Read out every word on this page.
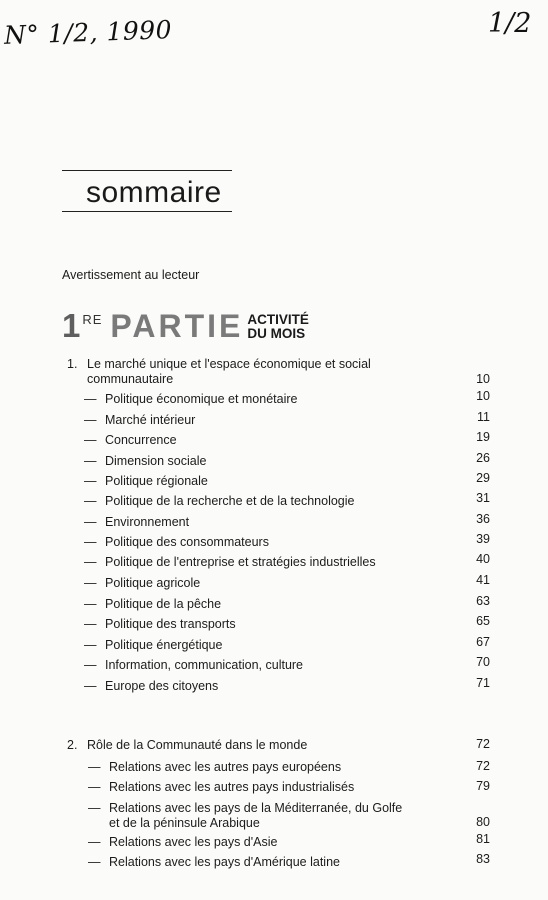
N° 1/2, 1990	1/2
sommaire
Avertissement au lecteur
1 RE PARTIE ACTIVITÉ
DU MOIS
1. Le marché unique et l'espace économique et social
communautaire	10
— Politique économique et monétaire	10
— Marché intérieur	11
— Concurrence	19
— Dimension sociale	26
— Politique régionale	29
— Politique de la recherche et de la technologie	31
— Environnement	36
— Politique des consommateurs	39
— Politique de l'entreprise et stratégies industrielles	40
— Politique agricole	41
— Politique de la pêche	63
— Politique des transports	65
— Politique énergétique	67
— Information, communication, culture	70
— Europe des citoyens	71
2. Rôle de la Communauté dans le monde	72
— Relations avec les autres pays européens	72
— Relations avec les autres pays industrialisés	79
— Relations avec les pays de la Méditerranée, du Golfe
et de la péninsule Arabique	80
— Relations avec les pays d'Asie	81
— Relations avec les pays d'Amérique latine	83
